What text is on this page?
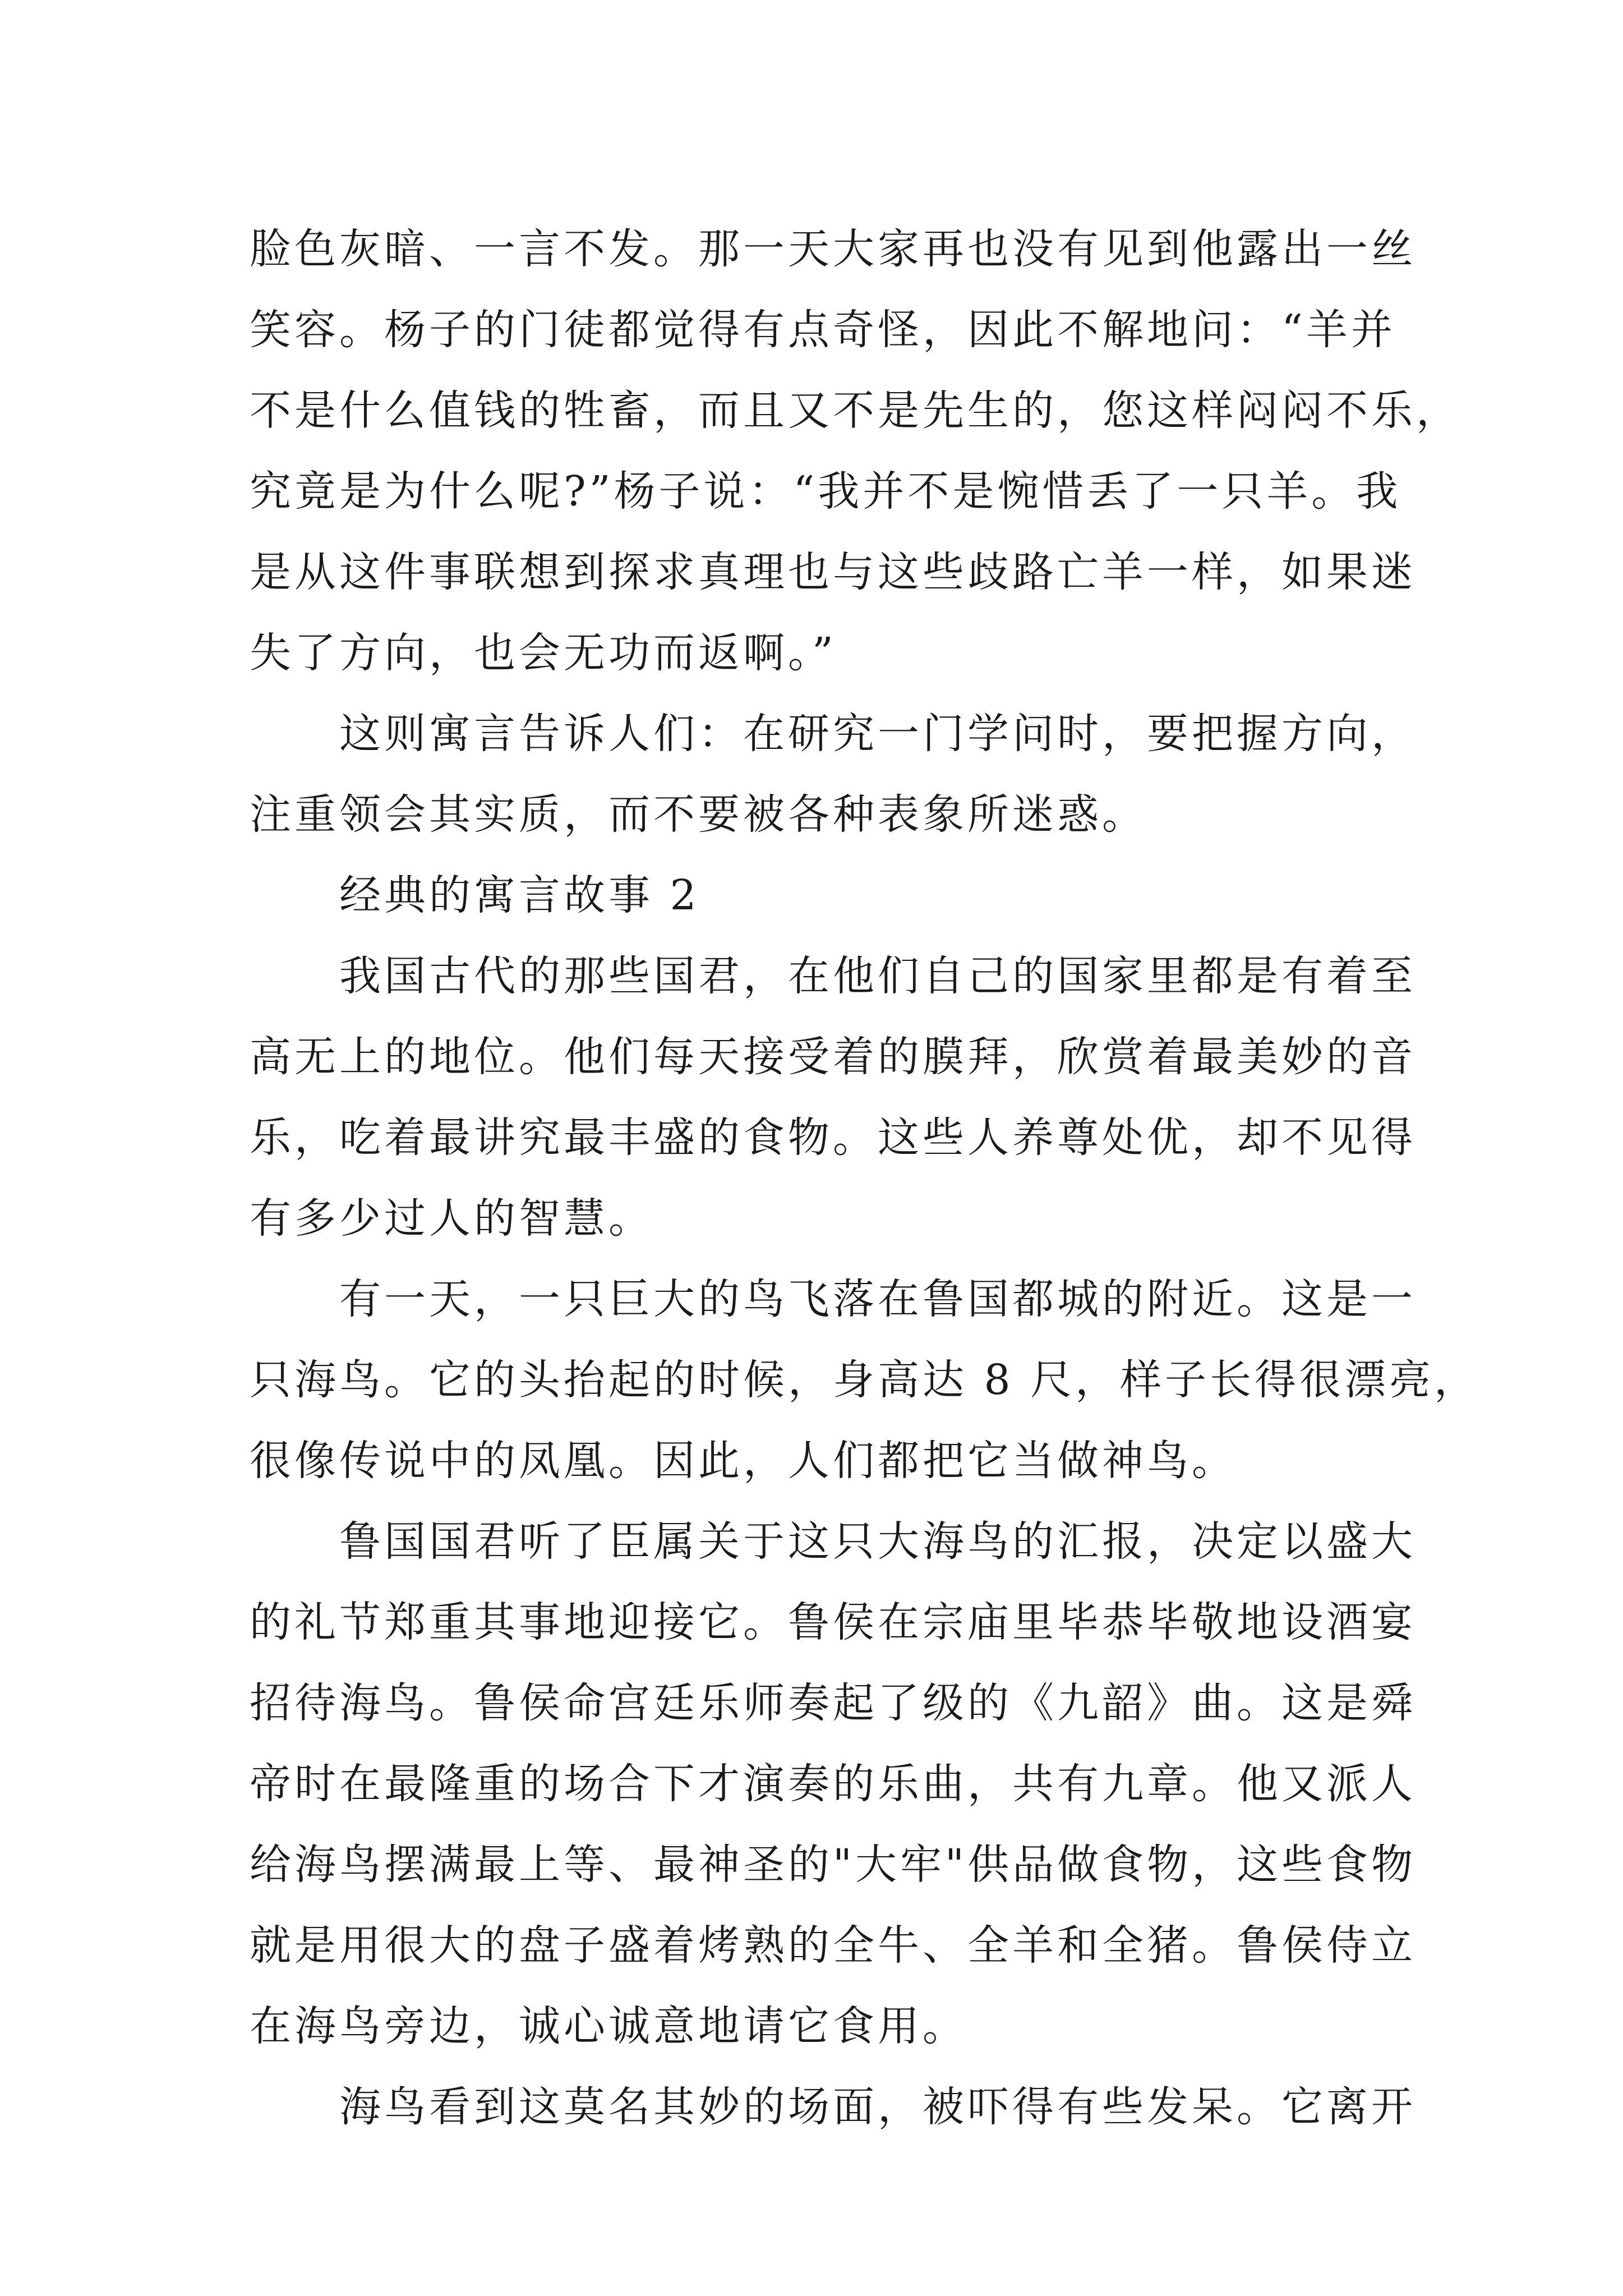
脸色灰暗、一言不发。那一天大家再也没有见到他露出一丝
笑容。杨子的门徒都觉得有点奇怪，因此不解地问：“羊并
不是什么值钱的牲畜，而且又不是先生的，您这样闷闷不乐，
究竟是为什么呢?”杨子说：“我并不是惋惜丢了一只羊。我
是从这件事联想到探求真理也与这些歧路亡羊一样，如果迷
失了方向，也会无功而返啊。”
　　这则寓言告诉人们：在研究一门学问时，要把握方向，
注重领会其实质，而不要被各种表象所迷惑。
　　经典的寓言故事 2
　　我国古代的那些国君，在他们自己的国家里都是有着至
高无上的地位。他们每天接受着的膜拜，欣赏着最美妙的音
乐，吃着最讲究最丰盛的食物。这些人养尊处优，却不见得
有多少过人的智慧。
　　有一天，一只巨大的鸟飞落在鲁国都城的附近。这是一
只海鸟。它的头抬起的时候，身高达 8 尺，样子长得很漂亮，
很像传说中的凤凰。因此，人们都把它当做神鸟。
　　鲁国国君听了臣属关于这只大海鸟的汇报，决定以盛大
的礼节郑重其事地迎接它。鲁侯在宗庙里毕恭毕敬地设酒宴
招待海鸟。鲁侯命宫廷乐师奏起了级的《九韶》曲。这是舜
帝时在最隆重的场合下才演奏的乐曲，共有九章。他又派人
给海鸟摆满最上等、最神圣的"大牢"供品做食物，这些食物
就是用很大的盘子盛着烤熟的全牛、全羊和全猪。鲁侯侍立
在海鸟旁边，诚心诚意地请它食用。
　　海鸟看到这莫名其妙的场面，被吓得有些发呆。它离开
